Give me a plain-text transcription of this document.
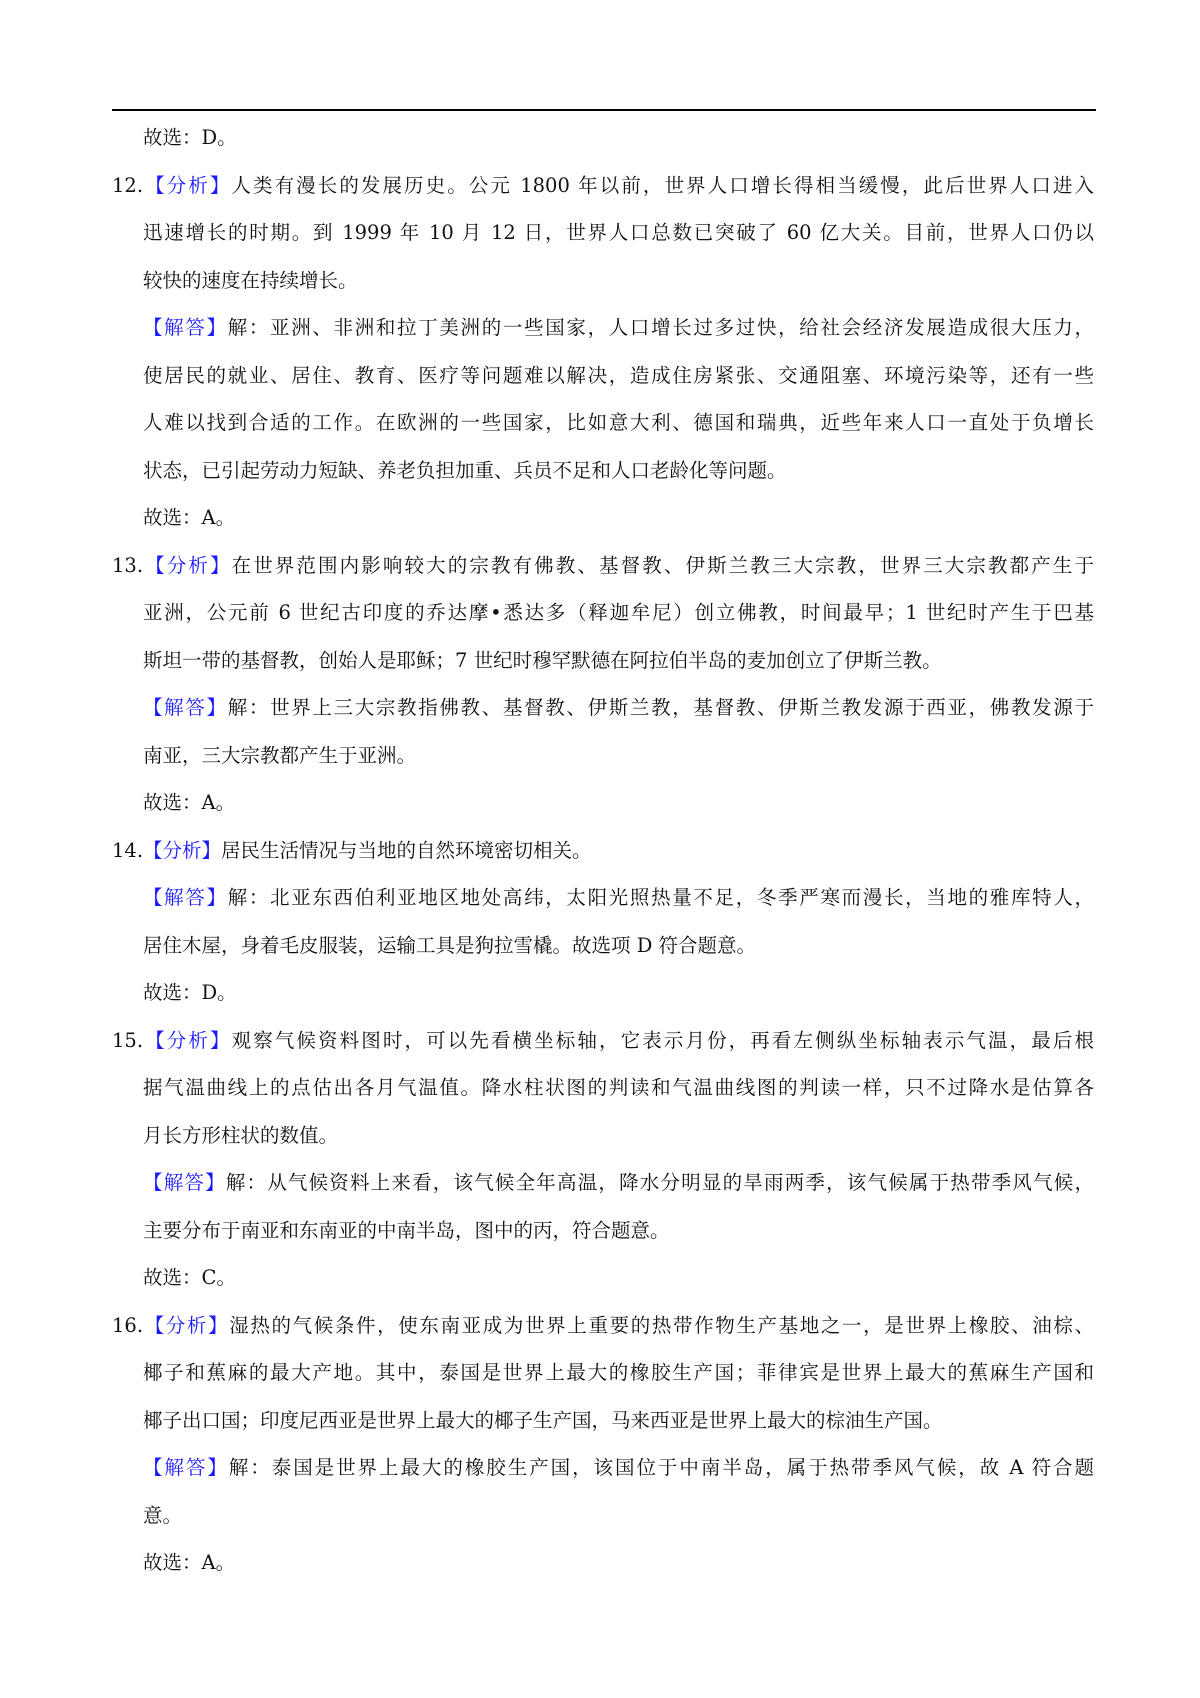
故选：D。
12.【分析】人类有漫长的发展历史。公元 1800 年以前，世界人口增长得相当缓慢，此后世界人口进入
迅速增长的时期。到 1999 年 10 月 12 日，世界人口总数已突破了 60 亿大关。目前，世界人口仍以
较快的速度在持续增长。
【解答】解：亚洲、非洲和拉丁美洲的一些国家，人口增长过多过快，给社会经济发展造成很大压力，
使居民的就业、居住、教育、医疗等问题难以解决，造成住房紧张、交通阻塞、环境污染等，还有一些
人难以找到合适的工作。在欧洲的一些国家，比如意大利、德国和瑞典，近些年来人口一直处于负增长
状态，已引起劳动力短缺、养老负担加重、兵员不足和人口老龄化等问题。
故选：A。
13.【分析】在世界范围内影响较大的宗教有佛教、基督教、伊斯兰教三大宗教，世界三大宗教都产生于
亚洲，公元前 6 世纪古印度的乔达摩•悉达多（释迦牟尼）创立佛教，时间最早；1 世纪时产生于巴基
斯坦一带的基督教，创始人是耶稣；7 世纪时穆罕默德在阿拉伯半岛的麦加创立了伊斯兰教。
【解答】解：世界上三大宗教指佛教、基督教、伊斯兰教，基督教、伊斯兰教发源于西亚，佛教发源于
南亚，三大宗教都产生于亚洲。
故选：A。
14.【分析】居民生活情况与当地的自然环境密切相关。
【解答】解：北亚东西伯利亚地区地处高纬，太阳光照热量不足，冬季严寒而漫长，当地的雅库特人，
居住木屋，身着毛皮服装，运输工具是狗拉雪橇。故选项 D 符合题意。
故选：D。
15.【分析】观察气候资料图时，可以先看横坐标轴，它表示月份，再看左侧纵坐标轴表示气温，最后根
据气温曲线上的点估出各月气温值。降水柱状图的判读和气温曲线图的判读一样，只不过降水是估算各
月长方形柱状的数值。
【解答】解：从气候资料上来看，该气候全年高温，降水分明显的旱雨两季，该气候属于热带季风气候，
主要分布于南亚和东南亚的中南半岛，图中的丙，符合题意。
故选：C。
16.【分析】湿热的气候条件，使东南亚成为世界上重要的热带作物生产基地之一，是世界上橡胶、油棕、
椰子和蕉麻的最大产地。其中，泰国是世界上最大的橡胶生产国；菲律宾是世界上最大的蕉麻生产国和
椰子出口国；印度尼西亚是世界上最大的椰子生产国，马来西亚是世界上最大的棕油生产国。
【解答】解：泰国是世界上最大的橡胶生产国，该国位于中南半岛，属于热带季风气候，故 A 符合题
意。
故选：A。
